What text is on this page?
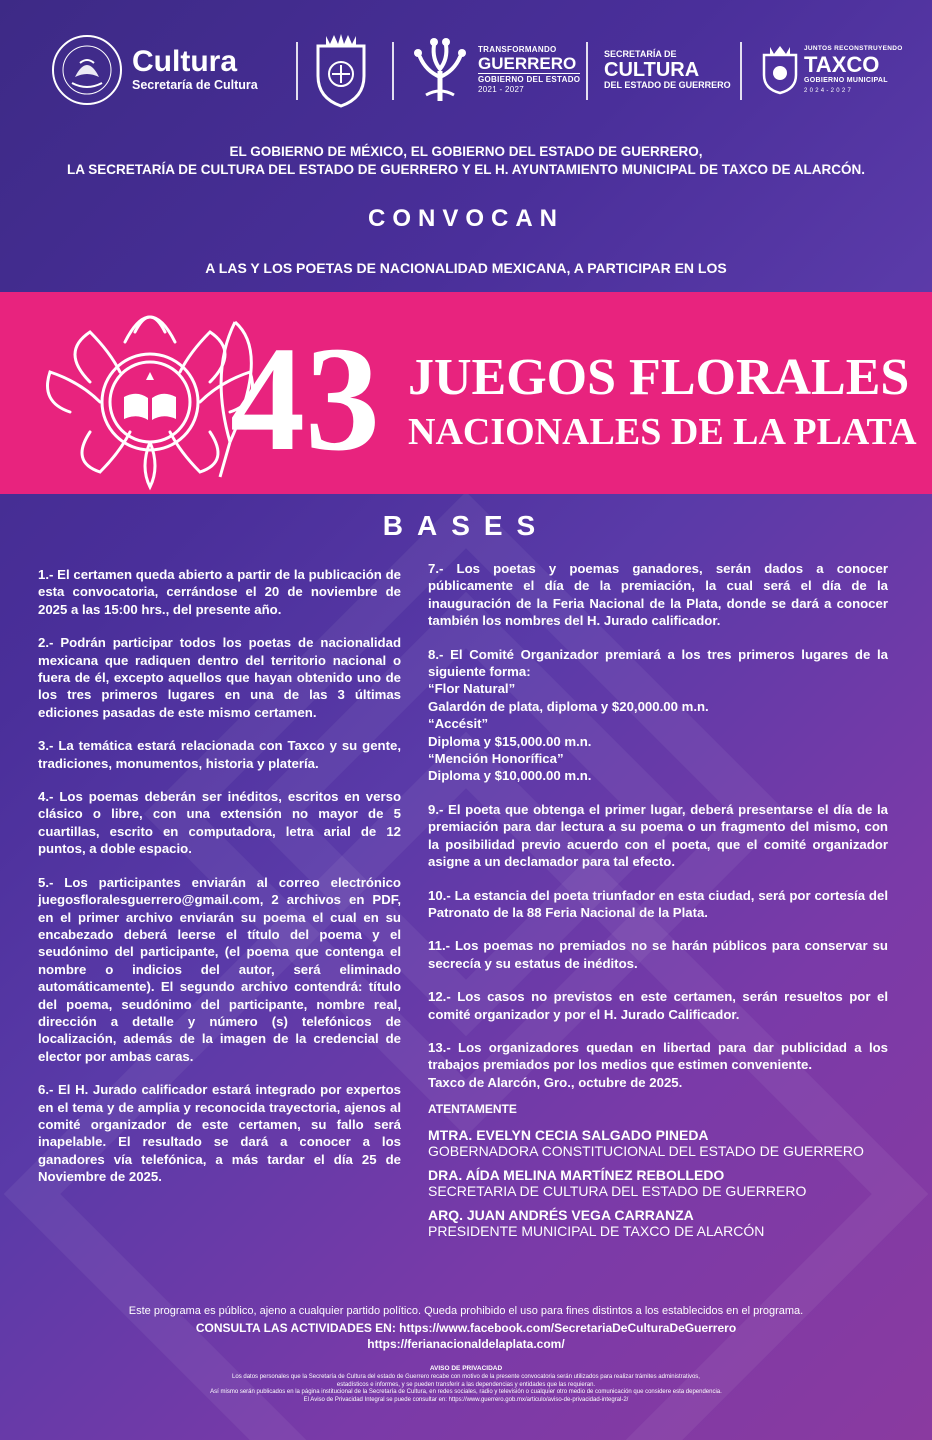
Cultura
Secretaría de Cultura
TRANSFORMANDO
GUERRERO
GOBIERNO DEL ESTADO
2021 - 2027
SECRETARÍA DE
CULTURA
DEL ESTADO DE GUERRERO
JUNTOS RECONSTRUYENDO
TAXCO
GOBIERNO MUNICIPAL
2 0 2 4 - 2 0 2 7
EL GOBIERNO DE MÉXICO, EL GOBIERNO DEL ESTADO DE GUERRERO,
LA SECRETARÍA DE CULTURA DEL ESTADO DE GUERRERO Y EL H. AYUNTAMIENTO MUNICIPAL DE TAXCO DE ALARCÓN.
CONVOCAN
A LAS Y LOS POETAS DE NACIONALIDAD MEXICANA, A PARTICIPAR EN LOS
43 JUEGOS FLORALES
NACIONALES DE LA PLATA
BASES

1.- El certamen queda abierto a partir de la publicación de esta convocatoria, cerrándose el 20 de noviembre de 2025 a las 15:00 hrs., del presente año.

2.- Podrán participar todos los poetas de nacionalidad mexicana que radiquen dentro del territorio nacional o fuera de él, excepto aquellos que hayan obtenido uno de los tres primeros lugares en una de las 3 últimas ediciones pasadas de este mismo certamen.

3.- La temática estará relacionada con Taxco y su gente, tradiciones, monumentos, historia y platería.

4.- Los poemas deberán ser inéditos, escritos en verso clásico o libre, con una extensión no mayor de 5 cuartillas, escrito en computadora, letra arial de 12 puntos, a doble espacio.

5.- Los participantes enviarán al correo electrónico juegosfloralesguerrero@gmail.com, 2 archivos en PDF, en el primer archivo enviarán su poema el cual en su encabezado deberá leerse el título del poema y el seudónimo del participante, (el poema que contenga el nombre o indicios del autor, será eliminado automáticamente). El segundo archivo contendrá: título del poema, seudónimo del participante, nombre real, dirección a detalle y número (s) telefónicos de localización, además de la imagen de la credencial de elector por ambas caras.

6.- El H. Jurado calificador estará integrado por expertos en el tema y de amplia y reconocida trayectoria, ajenos al comité organizador de este certamen, su fallo será inapelable. El resultado se dará a conocer a los ganadores vía telefónica, a más tardar el día 25 de Noviembre de 2025.

7.- Los poetas y poemas ganadores, serán dados a conocer públicamente el día de la premiación, la cual será el día de la inauguración de la Feria Nacional de la Plata, donde se dará a conocer también los nombres del H. Jurado calificador.

8.- El Comité Organizador premiará a los tres primeros lugares de la siguiente forma:
“Flor Natural”
Galardón de plata, diploma y $20,000.00 m.n.
“Accésit”
Diploma y $15,000.00 m.n.
“Mención Honorífica”
Diploma y $10,000.00 m.n.

9.- El poeta que obtenga el primer lugar, deberá presentarse el día de la premiación para dar lectura a su poema o un fragmento del mismo, con la posibilidad previo acuerdo con el poeta, que el comité organizador asigne a un declamador para tal efecto.

10.- La estancia del poeta triunfador en esta ciudad, será por cortesía del Patronato de la 88 Feria Nacional de la Plata.

11.- Los poemas no premiados no se harán públicos para conservar su secrecía y su estatus de inéditos.

12.- Los casos no previstos en este certamen, serán resueltos por el comité organizador y por el H. Jurado Calificador.

13.- Los organizadores quedan en libertad para dar publicidad a los trabajos premiados por los medios que estimen conveniente.
Taxco de Alarcón, Gro., octubre de 2025.
ATENTAMENTE
MTRA. EVELYN CECIA SALGADO PINEDA
GOBERNADORA CONSTITUCIONAL DEL ESTADO DE GUERRERO
DRA. AÍDA MELINA MARTÍNEZ REBOLLEDO
SECRETARIA DE CULTURA DEL ESTADO DE GUERRERO
ARQ. JUAN ANDRÉS VEGA CARRANZA
PRESIDENTE MUNICIPAL DE TAXCO DE ALARCÓN
Este programa es público, ajeno a cualquier partido político. Queda prohibido el uso para fines distintos a los establecidos en el programa.
CONSULTA LAS ACTIVIDADES EN: https://www.facebook.com/SecretariaDeCulturaDeGuerrero
https://ferianacionaldelaplata.com/
AVISO DE PRIVACIDAD
Los datos personales que la Secretaría de Cultura del estado de Guerrero recabe con motivo de la presente convocatoria serán utilizados para realizar trámites administrativos,
estadísticos e informes, y se pueden transferir a las dependencias y entidades que las requieran.
Así mismo serán publicados en la página institucional de la Secretaría de Cultura, en redes sociales, radio y televisión o cualquier otro medio de comunicación que considere esta dependencia.
El Aviso de Privacidad Integral se puede consultar en: https://www.guerrero.gob.mx/articulo/aviso-de-privacidad-integral-2/
